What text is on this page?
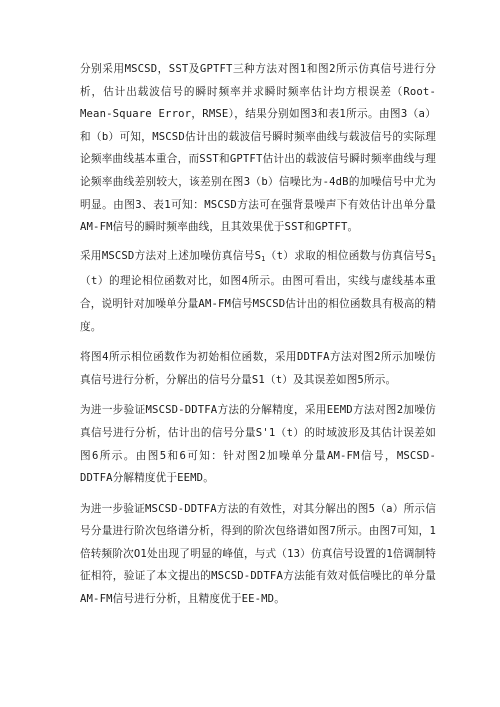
分别采用MSCSD，SST及GPTFT三种方法对图1和图2所示仿真信号进行分析，估计出载波信号的瞬时频率并求瞬时频率估计均方根误差（Root-Mean-Square Error，RMSE），结果分别如图3和表1所示。由图3（a）和（b）可知，MSCSD估计出的载波信号瞬时频率曲线与载波信号的实际理论频率曲线基本重合，而SST和GPTFT估计出的载波信号瞬时频率曲线与理论频率曲线差别较大，该差别在图3（b）信噪比为-4dB的加噪信号中尤为明显。由图3、表1可知：MSCSD方法可在强背景噪声下有效估计出单分量AM-FM信号的瞬时频率曲线，且其效果优于SST和GPTFT。

采用MSCSD方法对上述加噪仿真信号$S_1(t)$求取的相位函数与仿真信号$S_1(t)$的理论相位函数对比，如图4所示。由图可看出，实线与虚线基本重合，说明针对加噪单分量AM-FM信号MSCSD估计出的相位函数具有极高的精度。

将图4所示相位函数作为初始相位函数，采用DDTFA方法对图2所示加噪仿真信号进行分析，分解出的信号分量S1（t）及其误差如图5所示。

为进一步验证MSCSD-DDTFA方法的分解精度，采用EEMD方法对图2加噪仿真信号进行分析，估计出的信号分量S'1（t）的时域波形及其估计误差如图6所示。由图5和6可知：针对图2加噪单分量AM-FM信号，MSCSD-DDTFA分解精度优于EEMD。

为进一步验证MSCSD-DDTFA方法的有效性，对其分解出的图5（a）所示信号分量进行阶次包络谱分析，得到的阶次包络谱如图7所示。由图7可知，1倍转频阶次O1处出现了明显的峰值，与式（13）仿真信号设置的1倍调制特征相符，验证了本文提出的MSCSD-DDTFA方法能有效对低信噪比的单分量AM-FM信号进行分析，且精度优于EE-MD。
